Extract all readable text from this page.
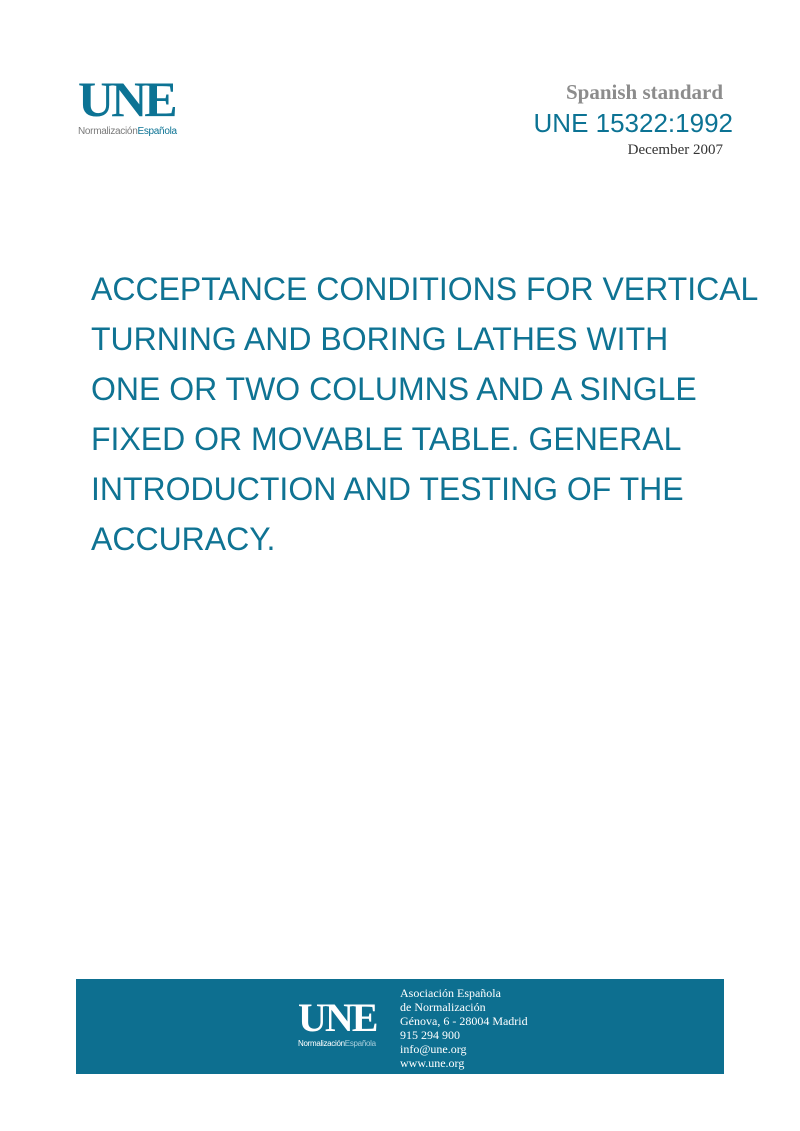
UNE
NormalizaciónEspañola
Spanish standard
UNE 15322:1992
December 2007
ACCEPTANCE CONDITIONS FOR VERTICAL
TURNING AND BORING LATHES WITH
ONE OR TWO COLUMNS AND A SINGLE
FIXED OR MOVABLE TABLE. GENERAL
INTRODUCTION AND TESTING OF THE
ACCURACY.
UNE
NormalizaciónEspañola
Asociación Española
de Normalización
Génova, 6 - 28004 Madrid
915 294 900
info@une.org
www.une.org
